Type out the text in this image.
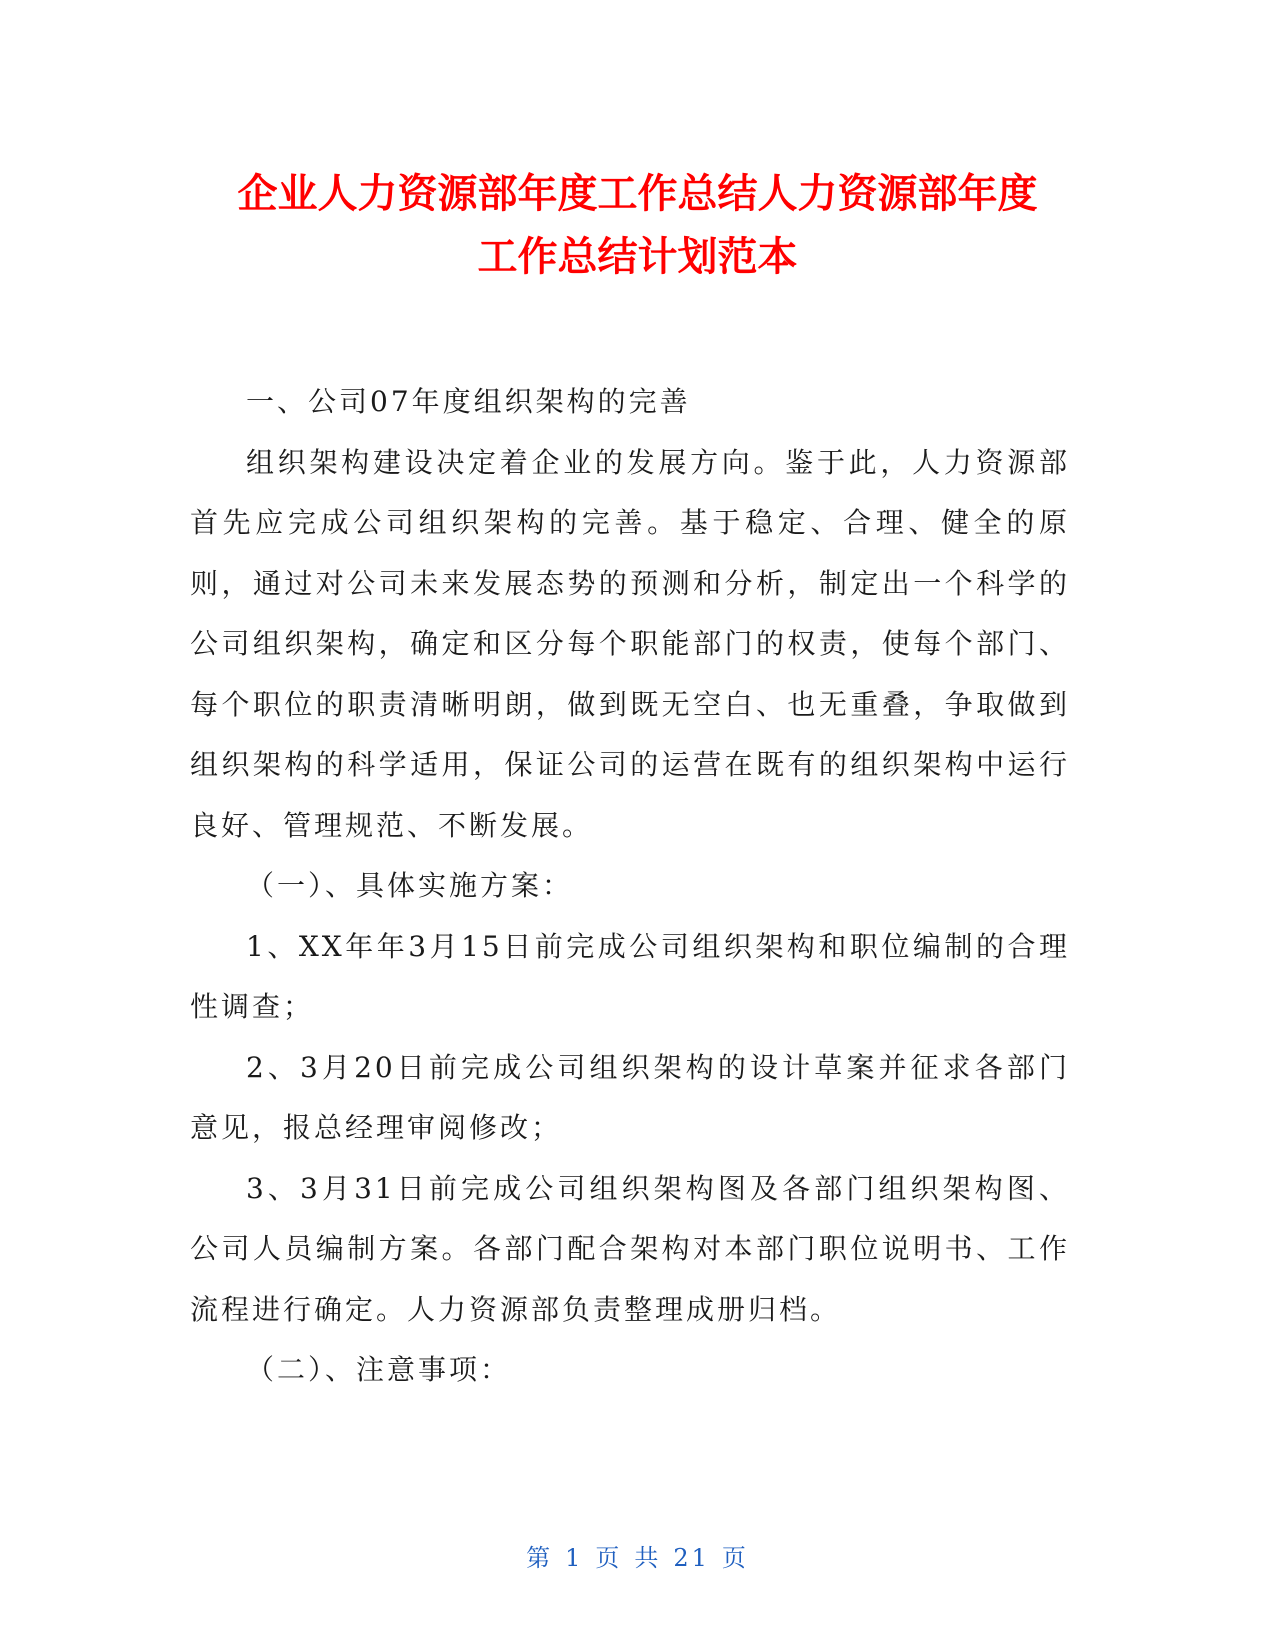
企业人力资源部年度工作总结人力资源部年度
工作总结计划范本

一、公司07年度组织架构的完善

组织架构建设决定着企业的发展方向。鉴于此，人力资源部首先应完成公司组织架构的完善。基于稳定、合理、健全的原则，通过对公司未来发展态势的预测和分析，制定出一个科学的公司组织架构，确定和区分每个职能部门的权责，使每个部门、每个职位的职责清晰明朗，做到既无空白、也无重叠，争取做到组织架构的科学适用，保证公司的运营在既有的组织架构中运行良好、管理规范、不断发展。

（一）、具体实施方案：

1、XX年年3月15日前完成公司组织架构和职位编制的合理性调查；

2、3月20日前完成公司组织架构的设计草案并征求各部门意见，报总经理审阅修改；

3、3月31日前完成公司组织架构图及各部门组织架构图、公司人员编制方案。各部门配合架构对本部门职位说明书、工作流程进行确定。人力资源部负责整理成册归档。

（二）、注意事项：

第 1 页 共 21 页
